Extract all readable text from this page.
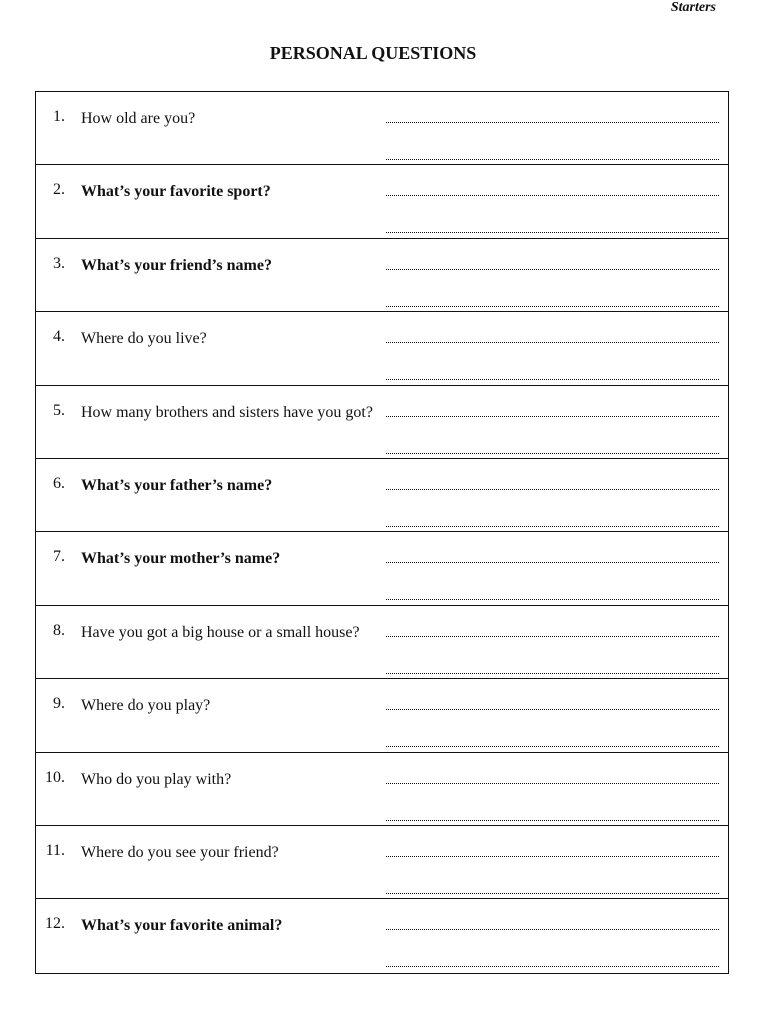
Starters
PERSONAL QUESTIONS
1. How old are you?
2. What’s your favorite sport?
3. What’s your friend’s name?
4. Where do you live?
5. How many brothers and sisters have you got?
6. What’s your father’s name?
7. What’s your mother’s name?
8. Have you got a big house or a small house?
9. Where do you play?
10. Who do you play with?
11. Where do you see your friend?
12. What’s your favorite animal?
